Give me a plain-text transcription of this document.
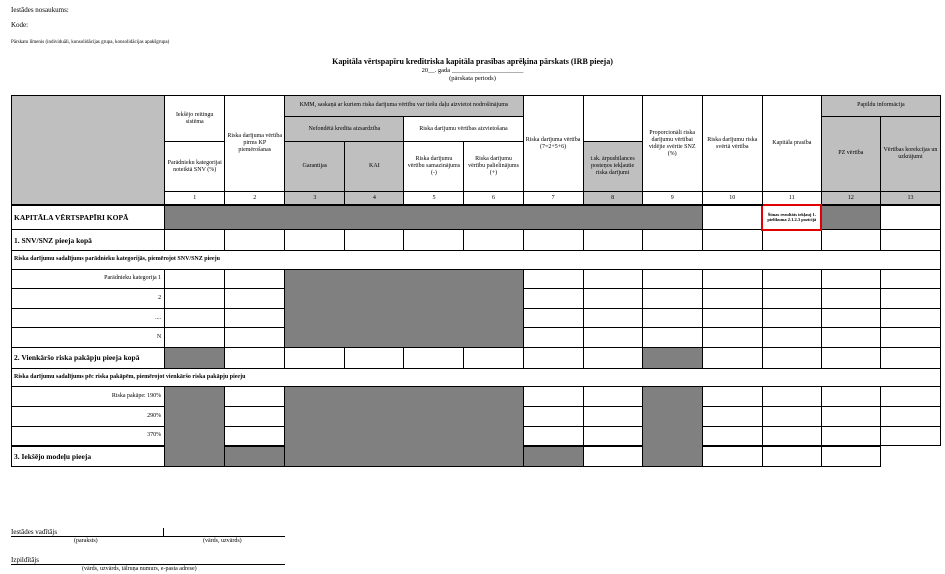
Iestādes nosaukums:
Kode:
Pārskatu līmenis (individuāli, konsolidācijas grupa, konsolidācijas apakšgrupa)
Kapitāla vērtspapīru kredītriska kapitāla prasības aprēķina pārskats (IRB pieeja)
20__. gada ______________________
(pārskata periods)
	Iekšējo reitingu sistēma	Riska darījuma vērtība pirms KP piemērošanas	KMM, saskaņā ar kuriem riska darījuma vērtību var tiešu daļu aizvietot nodrošinājums				Riska darījuma vērtība (7=2+5+6)		Proporcionāli riska darījumu vērtībai vidējie svērtie SNZ (%)	Riska darījumu riska svērtā vērtība	Kapitāla prasība	Papildu informācija	
			Nefondētā kredīta aizsardzība		Riska darījumu vērtības aizvietošana							PZ vērtība	Vērtības korekcijas un uzkrājumi
	Parādnieku kategorijai noteiktā SNV (%)		Garantijas	KAI	Riska darījumu vērtību samazinājums (-)	Riska darījumu vērtību palielinājums (+)		t.sk. ārpusbilances posteņos iekļautie riska darījumi					
	1	2	3	4	5	6	7	8	9	10	11	12	13
KAPITĀLA VĒRTSPAPĪRI KOPĀ											Šūnas rezultāts iekļauj 1. pielikuma 2.1.2.3 pozīcijā		
1. SNV/SNZ pieeja kopā													
Riska darījumu sadalījums parādnieku kategorijās, piemērojot SNV/SNZ pieeju													
Parādnieku kategorija 1													
2													
....													
N													
2. Vienkāršo riska pakāpju pieeja kopā													
Riska darījumu sadalījums pēc riska pakāpēm, piemērojot vienkāršo riska pakāpju pieeju													
Riska pakāpe: 190%													
290%													
370%													
3. Iekšējo modeļu pieeja													
Iestādes vadītājs
(paraksts)	(vārds, uzvārds)
Izpildītājs
(vārds, uzvārds, tālruņa numurs, e-pasta adrese)
